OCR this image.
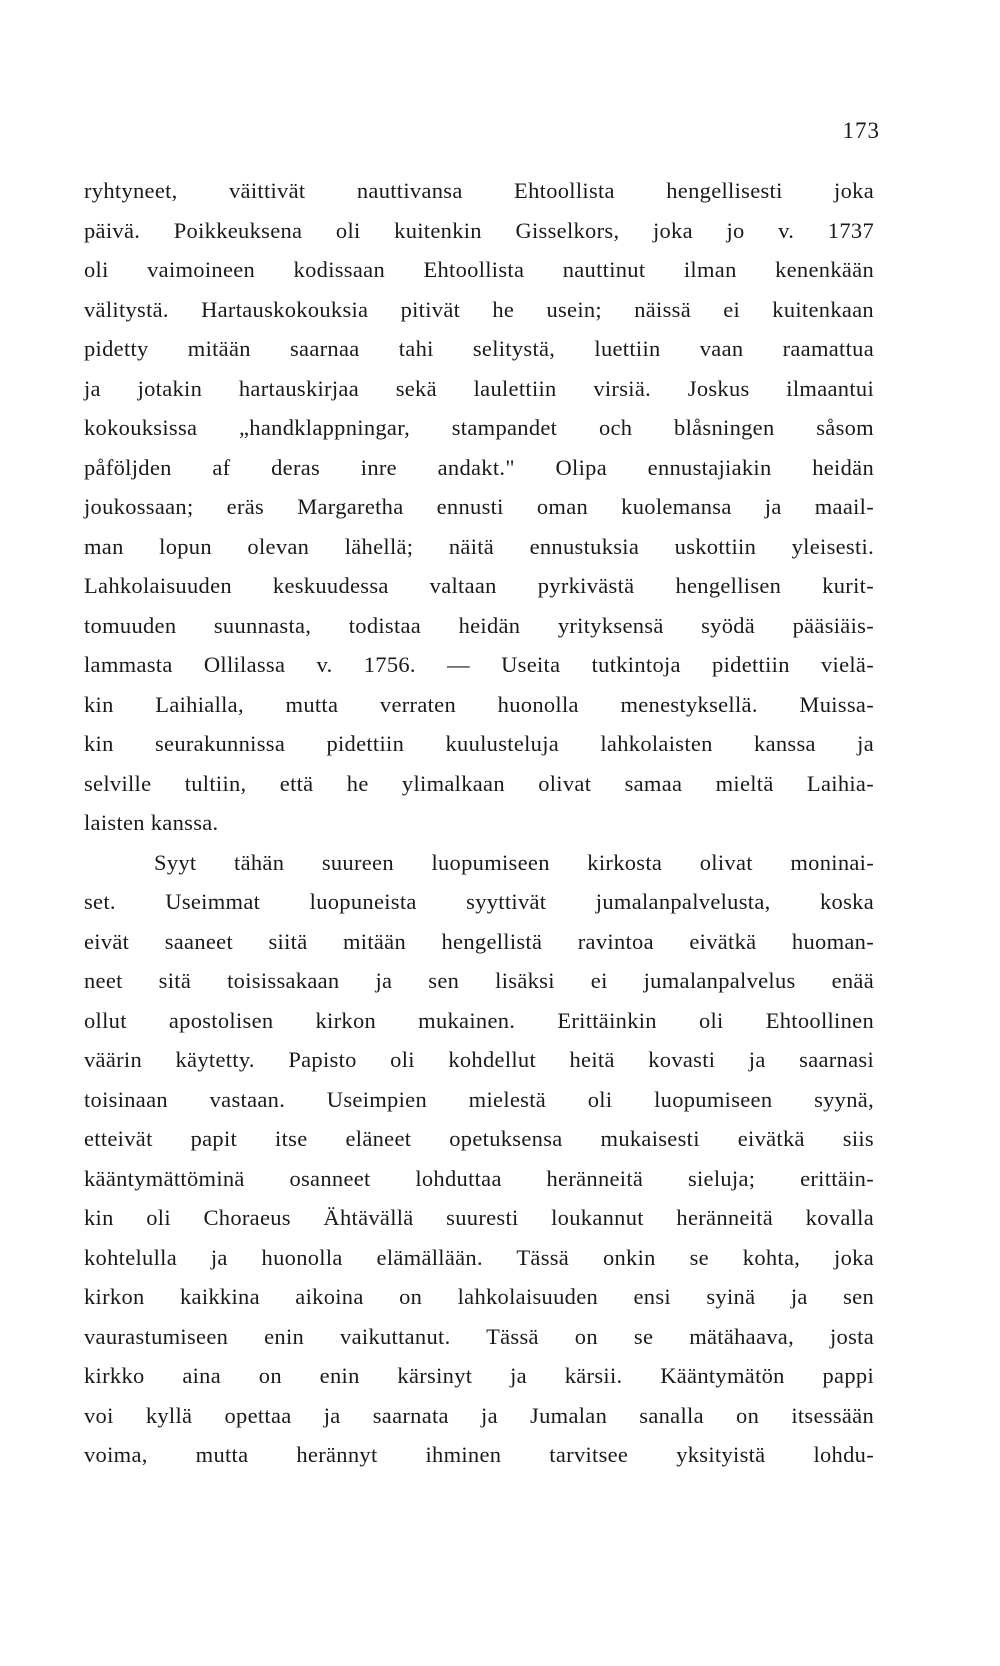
173
ryhtyneet, väittivät nauttivansa Ehtoollista hengellisesti joka
päivä. Poikkeuksena oli kuitenkin Gisselkors, joka jo v. 1737
oli vaimoineen kodissaan Ehtoollista nauttinut ilman kenenkään
välitystä. Hartauskokouksia pitivät he usein; näissä ei kuitenkaan
pidetty mitään saarnaa tahi selitystä, luettiin vaan raamattua
ja jotakin hartauskirjaa sekä laulettiin virsiä. Joskus ilmaantui
kokouksissa „handklappningar, stampandet och blåsningen såsom
påföljden af deras inre andakt." Olipa ennustajiakin heidän
joukossaan; eräs Margaretha ennusti oman kuolemansa ja maail-
man lopun olevan lähellä; näitä ennustuksia uskottiin yleisesti.
Lahkolaisuuden keskuudessa valtaan pyrkivästä hengellisen kurit-
tomuuden suunnasta, todistaa heidän yrityksensä syödä pääsiäis-
lammasta Ollilassa v. 1756. — Useita tutkintoja pidettiin vielä-
kin Laihialla, mutta verraten huonolla menestyksellä. Muissa-
kin seurakunnissa pidettiin kuulusteluja lahkolaisten kanssa ja
selville tultiin, että he ylimalkaan olivat samaa mieltä Laihia-
laisten kanssa.
Syyt tähän suureen luopumiseen kirkosta olivat moninai-
set. Useimmat luopuneista syyttivät jumalanpalvelusta, koska
eivät saaneet siitä mitään hengellistä ravintoa eivätkä huoman-
neet sitä toisissakaan ja sen lisäksi ei jumalanpalvelus enää
ollut apostolisen kirkon mukainen. Erittäinkin oli Ehtoollinen
väärin käytetty. Papisto oli kohdellut heitä kovasti ja saarnasi
toisinaan vastaan. Useimpien mielestä oli luopumiseen syynä,
etteivät papit itse eläneet opetuksensa mukaisesti eivätkä siis
kääntymättöminä osanneet lohduttaa heränneitä sieluja; erittäin-
kin oli Choraeus Ähtävällä suuresti loukannut heränneitä kovalla
kohtelulla ja huonolla elämällään. Tässä onkin se kohta, joka
kirkon kaikkina aikoina on lahkolaisuuden ensi syinä ja sen
vaurastumiseen enin vaikuttanut. Tässä on se mätähaava, josta
kirkko aina on enin kärsinyt ja kärsii. Kääntymätön pappi
voi kyllä opettaa ja saarnata ja Jumalan sanalla on itsessään
voima, mutta herännyt ihminen tarvitsee yksityistä lohdu-
